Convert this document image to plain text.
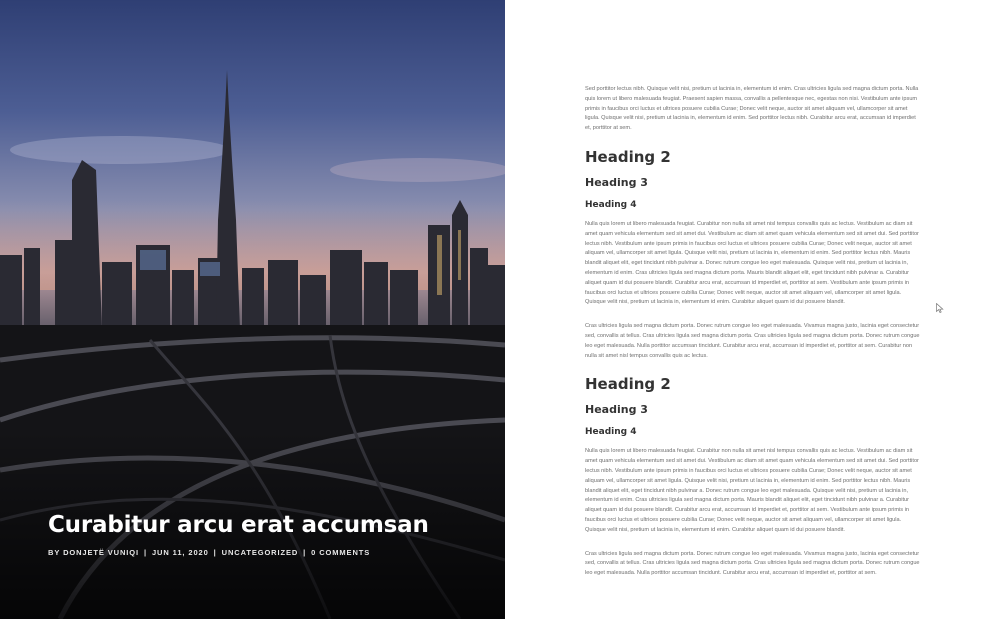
Curabitur arcu erat accumsan
BY DONJETË VUNIQI | JUN 11, 2020 | UNCATEGORIZED | 0 COMMENTS

Sed porttitor lectus nibh. Quisque velit nisi, pretium ut lacinia in, elementum id enim. Cras ultricies ligula sed magna dictum porta. Nulla quis lorem ut libero malesuada feugiat. Praesent sapien massa, convallis a pellentesque nec, egestas non nisi. Vestibulum ante ipsum primis in faucibus orci luctus et ultrices posuere cubilia Curae; Donec velit neque, auctor sit amet aliquam vel, ullamcorper sit amet ligula. Quisque velit nisi, pretium ut lacinia in, elementum id enim. Sed porttitor lectus nibh. Curabitur arcu erat, accumsan id imperdiet et, porttitor at sem.

Heading 2
Heading 3
Heading 4

Nulla quis lorem ut libero malesuada feugiat. Curabitur non nulla sit amet nisl tempus convallis quis ac lectus. Vestibulum ac diam sit amet quam vehicula elementum sed sit amet dui. Vestibulum ac diam sit amet quam vehicula elementum sed sit amet dui. Sed porttitor lectus nibh. Vestibulum ante ipsum primis in faucibus orci luctus et ultrices posuere cubilia Curae; Donec velit neque, auctor sit amet aliquam vel, ullamcorper sit amet ligula. Quisque velit nisi, pretium ut lacinia in, elementum id enim. Sed porttitor lectus nibh. Mauris blandit aliquet elit, eget tincidunt nibh pulvinar a. Donec rutrum congue leo eget malesuada. Quisque velit nisi, pretium ut lacinia in, elementum id enim. Cras ultricies ligula sed magna dictum porta. Mauris blandit aliquet elit, eget tincidunt nibh pulvinar a. Curabitur aliquet quam id dui posuere blandit. Curabitur arcu erat, accumsan id imperdiet et, porttitor at sem. Vestibulum ante ipsum primis in faucibus orci luctus et ultrices posuere cubilia Curae; Donec velit neque, auctor sit amet aliquam vel, ullamcorper sit amet ligula. Quisque velit nisi, pretium ut lacinia in, elementum id enim. Curabitur aliquet quam id dui posuere blandit.

Cras ultricies ligula sed magna dictum porta. Donec rutrum congue leo eget malesuada. Vivamus magna justo, lacinia eget consectetur sed, convallis at tellus. Cras ultricies ligula sed magna dictum porta. Cras ultricies ligula sed magna dictum porta. Donec rutrum congue leo eget malesuada. Nulla porttitor accumsan tincidunt. Curabitur arcu erat, accumsan id imperdiet et, porttitor at sem. Curabitur non nulla sit amet nisl tempus convallis quis ac lectus.

Heading 2
Heading 3
Heading 4

Nulla quis lorem ut libero malesuada feugiat. Curabitur non nulla sit amet nisl tempus convallis quis ac lectus. Vestibulum ac diam sit amet quam vehicula elementum sed sit amet dui. Vestibulum ac diam sit amet quam vehicula elementum sed sit amet dui. Sed porttitor lectus nibh. Vestibulum ante ipsum primis in faucibus orci luctus et ultrices posuere cubilia Curae; Donec velit neque, auctor sit amet aliquam vel, ullamcorper sit amet ligula. Quisque velit nisi, pretium ut lacinia in, elementum id enim. Sed porttitor lectus nibh. Mauris blandit aliquet elit, eget tincidunt nibh pulvinar a. Donec rutrum congue leo eget malesuada. Quisque velit nisi, pretium ut lacinia in, elementum id enim. Cras ultricies ligula sed magna dictum porta. Mauris blandit aliquet elit, eget tincidunt nibh pulvinar a. Curabitur aliquet quam id dui posuere blandit. Curabitur arcu erat, accumsan id imperdiet et, porttitor at sem. Vestibulum ante ipsum primis in faucibus orci luctus et ultrices posuere cubilia Curae; Donec velit neque, auctor sit amet aliquam vel, ullamcorper sit amet ligula. Quisque velit nisi, pretium ut lacinia in, elementum id enim. Curabitur aliquet quam id dui posuere blandit.

Cras ultricies ligula sed magna dictum porta. Donec rutrum congue leo eget malesuada. Vivamus magna justo, lacinia eget consectetur sed, convallis at tellus. Cras ultricies ligula sed magna dictum porta. Cras ultricies ligula sed magna dictum porta. Donec rutrum congue leo eget malesuada. Nulla porttitor accumsan tincidunt. Curabitur arcu erat, accumsan id imperdiet et, porttitor at sem.
